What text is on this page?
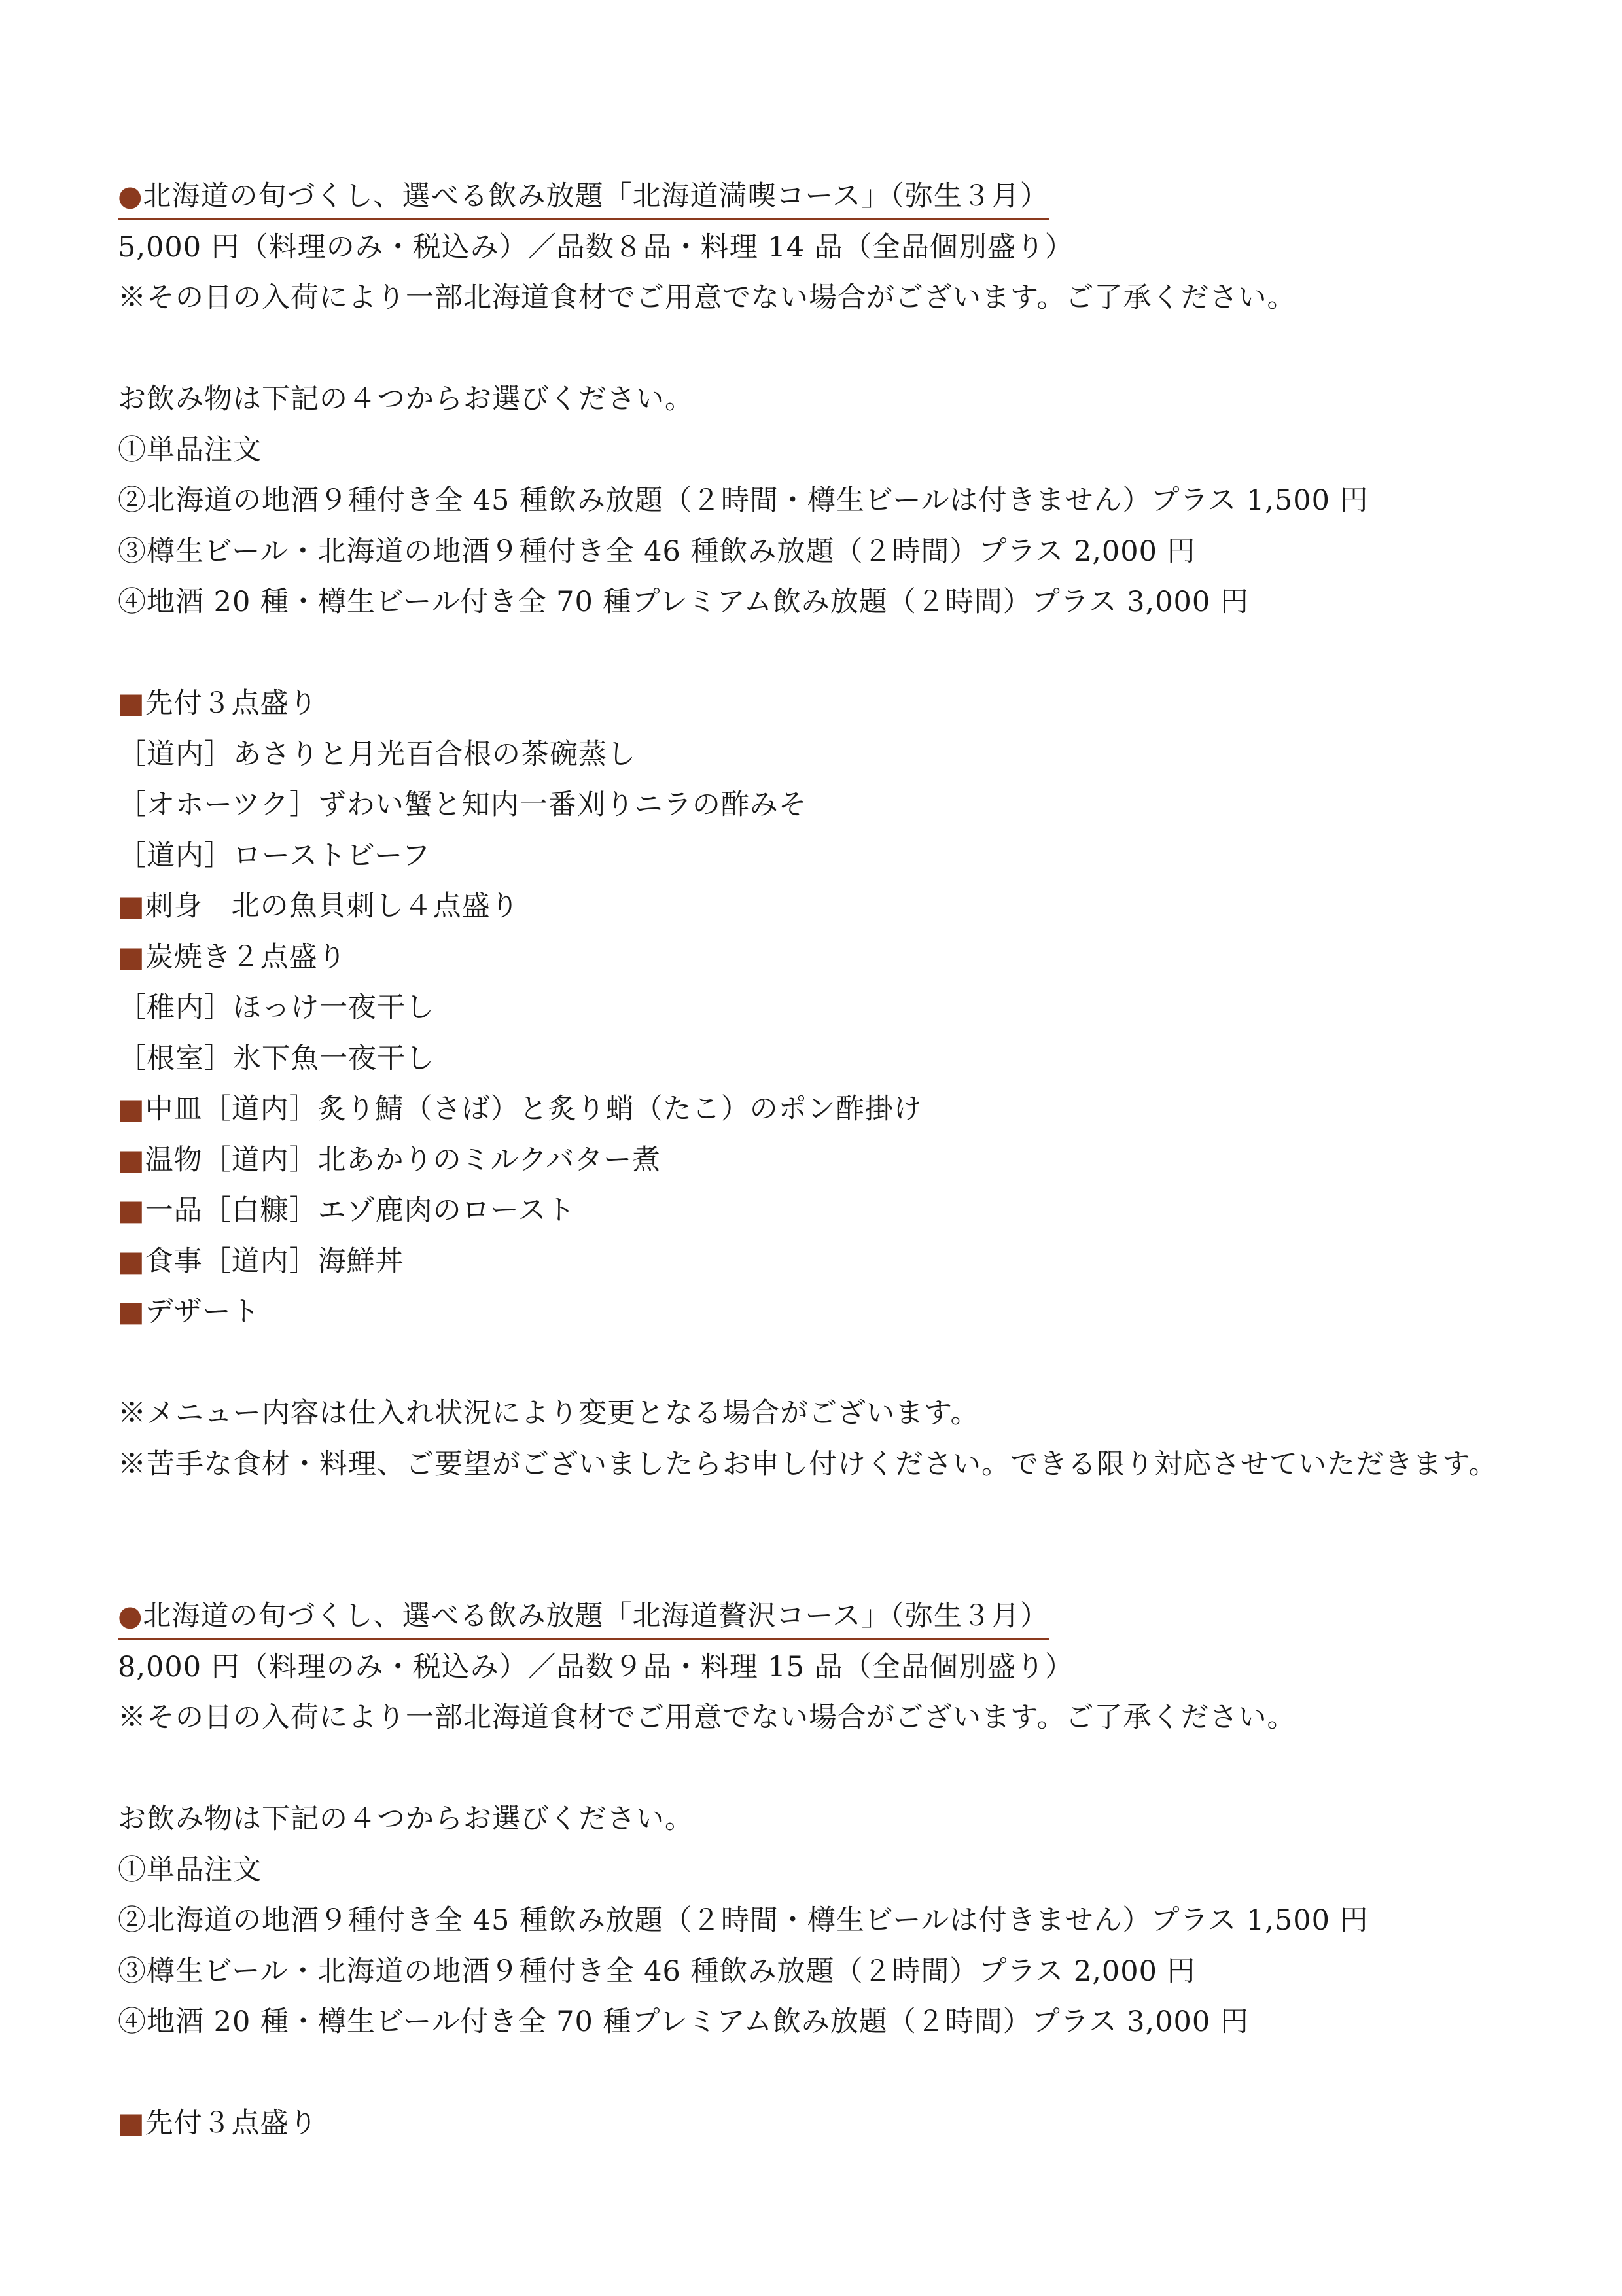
●北海道の旬づくし、選べる飲み放題「北海道満喫コース」（弥生３月）
5,000 円（料理のみ・税込み）／品数８品・料理 14 品（全品個別盛り）
※その日の入荷により一部北海道食材でご用意でない場合がございます。ご了承ください。
お飲み物は下記の４つからお選びください。
①単品注文
②北海道の地酒９種付き全 45 種飲み放題（２時間・樽生ビールは付きません）プラス 1,500 円
③樽生ビール・北海道の地酒９種付き全 46 種飲み放題（２時間）プラス 2,000 円
④地酒 20 種・樽生ビール付き全 70 種プレミアム飲み放題（２時間）プラス 3,000 円
■先付３点盛り
［道内］あさりと月光百合根の茶碗蒸し
［オホーツク］ずわい蟹と知内一番刈りニラの酢みそ
［道内］ローストビーフ
■刺身　北の魚貝刺し４点盛り
■炭焼き２点盛り
［稚内］ほっけ一夜干し
［根室］氷下魚一夜干し
■中皿［道内］炙り鯖（さば）と炙り蛸（たこ）のポン酢掛け
■温物［道内］北あかりのミルクバター煮
■一品［白糠］エゾ鹿肉のロースト
■食事［道内］海鮮丼
■デザート
※メニュー内容は仕入れ状況により変更となる場合がございます。
※苦手な食材・料理、ご要望がございましたらお申し付けください。できる限り対応させていただきます。
●北海道の旬づくし、選べる飲み放題「北海道贅沢コース」（弥生３月）
8,000 円（料理のみ・税込み）／品数９品・料理 15 品（全品個別盛り）
※その日の入荷により一部北海道食材でご用意でない場合がございます。ご了承ください。
お飲み物は下記の４つからお選びください。
①単品注文
②北海道の地酒９種付き全 45 種飲み放題（２時間・樽生ビールは付きません）プラス 1,500 円
③樽生ビール・北海道の地酒９種付き全 46 種飲み放題（２時間）プラス 2,000 円
④地酒 20 種・樽生ビール付き全 70 種プレミアム飲み放題（２時間）プラス 3,000 円
■先付３点盛り
